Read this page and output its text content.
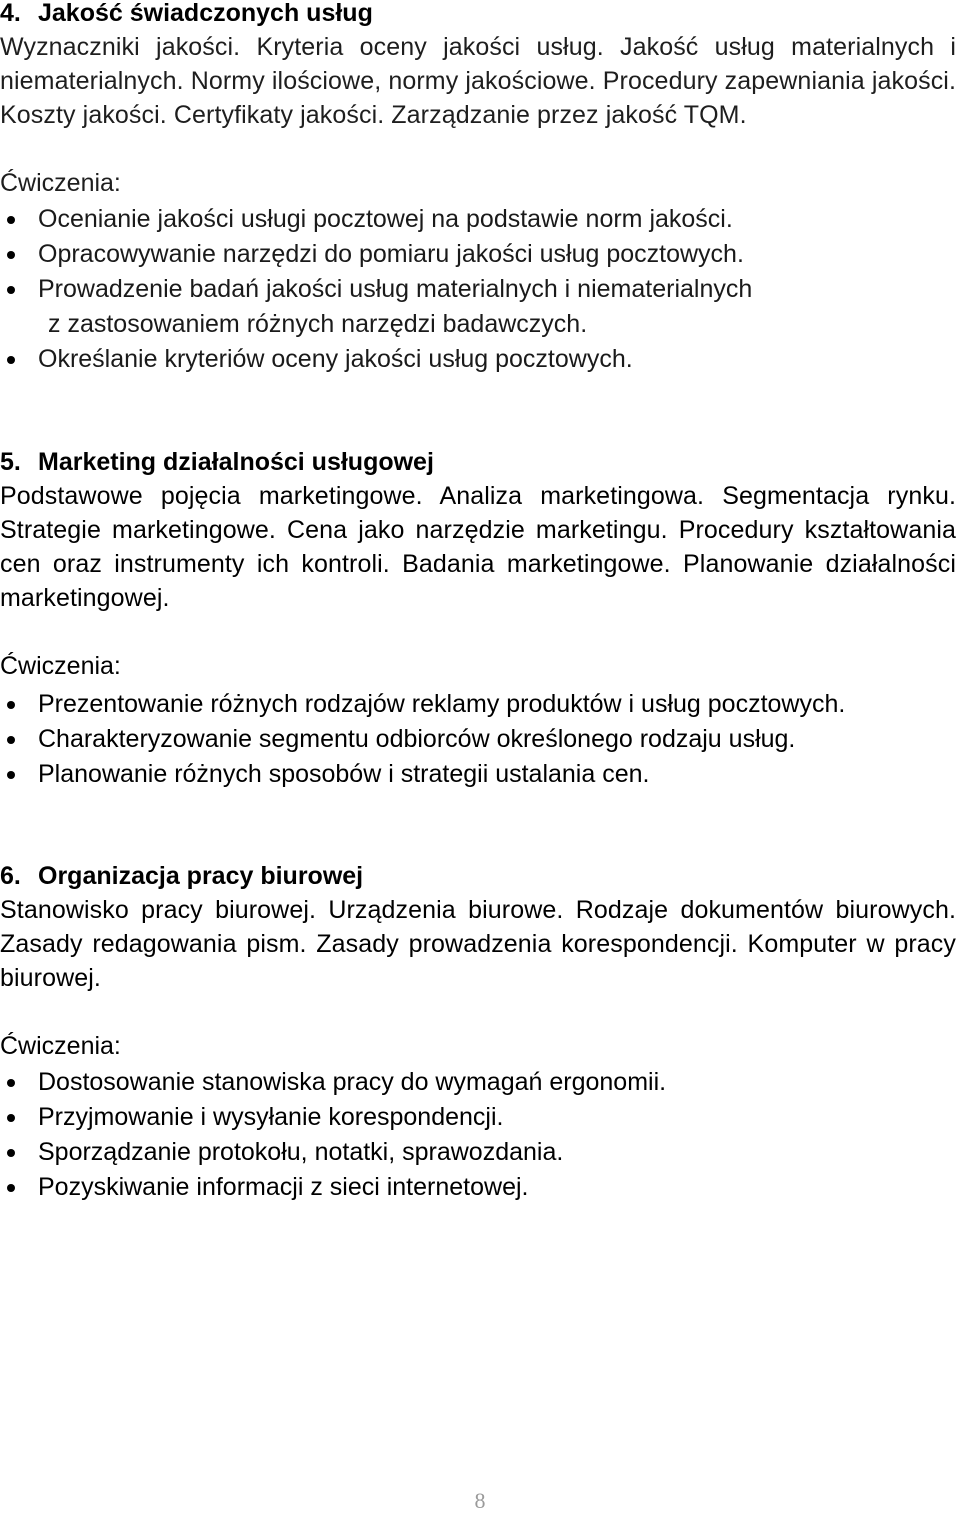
4. Jakość świadczonych usług

Wyznaczniki jakości. Kryteria oceny jakości usług. Jakość usług materialnych i niematerialnych. Normy ilościowe, normy jakościowe. Procedury zapewniania jakości. Koszty jakości. Certyfikaty jakości. Zarządzanie przez jakość TQM.

Ćwiczenia:

Ocenianie jakości usługi pocztowej na podstawie norm jakości.
Opracowywanie narzędzi do pomiaru jakości usług pocztowych.
Prowadzenie badań jakości usług materialnych i niematerialnych
z zastosowaniem różnych narzędzi badawczych.
Określanie kryteriów oceny jakości usług pocztowych.
5. Marketing działalności usługowej

Podstawowe pojęcia marketingowe. Analiza marketingowa. Segmentacja rynku. Strategie marketingowe. Cena jako narzędzie marketingu. Procedury kształtowania cen oraz instrumenty ich kontroli. Badania marketingowe. Planowanie działalności marketingowej.

Ćwiczenia:

Prezentowanie różnych rodzajów reklamy produktów i usług pocztowych.
Charakteryzowanie segmentu odbiorców określonego rodzaju usług.
Planowanie różnych sposobów i strategii ustalania cen.
6. Organizacja pracy biurowej

Stanowisko pracy biurowej. Urządzenia biurowe. Rodzaje dokumentów biurowych. Zasady redagowania pism. Zasady prowadzenia korespondencji. Komputer w pracy biurowej.

Ćwiczenia:

Dostosowanie stanowiska pracy do wymagań ergonomii.
Przyjmowanie i wysyłanie korespondencji.
Sporządzanie protokołu, notatki, sprawozdania.
Pozyskiwanie informacji z sieci internetowej.
8
